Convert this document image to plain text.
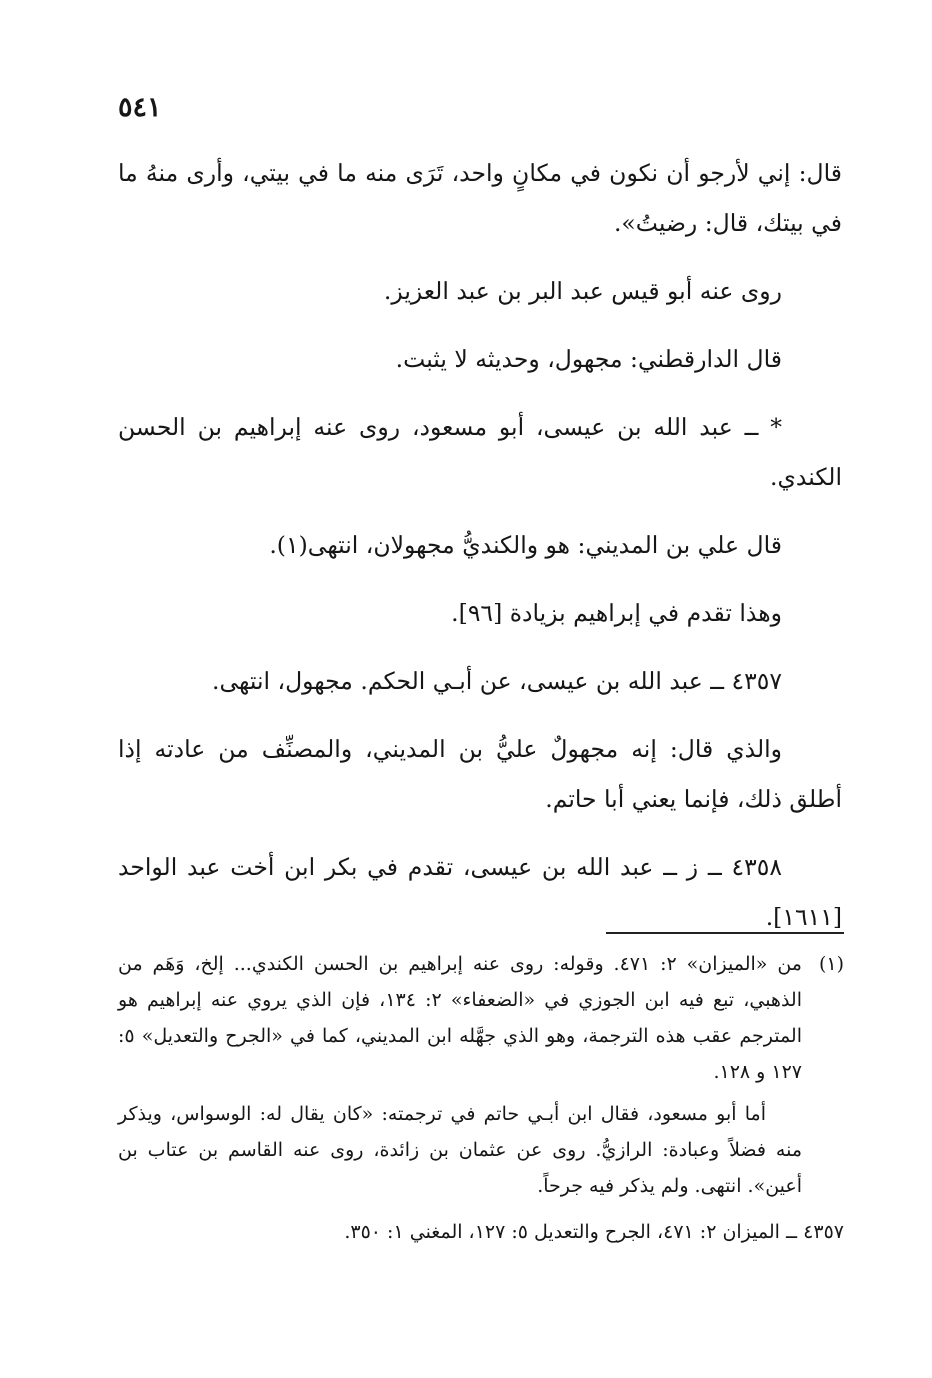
٥٤١

قال: إني لأرجو أن نكون في مكانٍ واحد، تَرَى منه ما في بيتي، وأرى منهُ ما في بيتك، قال: رضيتُ».

روى عنه أبو قيس عبد البر بن عبد العزيز.

قال الدارقطني: مجهول، وحديثه لا يثبت.

* ــ عبد الله بن عيسى، أبو مسعود، روى عنه إبراهيم بن الحسن الكندي.

قال علي بن المديني: هو والكنديُّ مجهولان، انتهى(١).

وهذا تقدم في إبراهيم بزيادة [٩٦].

٤٣٥٧ ــ عبد الله بن عيسى، عن أبـي الحكم. مجهول، انتهى.

والذي قال: إنه مجهولٌ عليُّ بن المديني، والمصنِّف من عادته إذا أطلق ذلك، فإنما يعني أبا حاتم.

٤٣٥٨ ــ ز ــ عبد الله بن عيسى، تقدم في بكر ابن أخت عبد الواحد [١٦١١].

(١)

من «الميزان» ٢: ٤٧١. وقوله: روى عنه إبراهيم بن الحسن الكندي... إلخ، وَهَم من الذهبي، تبع فيه ابن الجوزي في «الضعفاء» ٢: ١٣٤، فإن الذي يروي عنه إبراهيم هو المترجم عقب هذه الترجمة، وهو الذي جهَّله ابن المديني، كما في «الجرح والتعديل» ٥: ١٢٧ و ١٢٨.

أما أبو مسعود، فقال ابن أبـي حاتم في ترجمته: «كان يقال له: الوسواس، ويذكر منه فضلاً وعبادة: الرازيُّ. روى عن عثمان بن زائدة، روى عنه القاسم بن عتاب بن أعين». انتهى. ولم يذكر فيه جرحاً.

٤٣٥٧ ــ الميزان ٢: ٤٧١، الجرح والتعديل ٥: ١٢٧، المغني ١: ٣٥٠.
